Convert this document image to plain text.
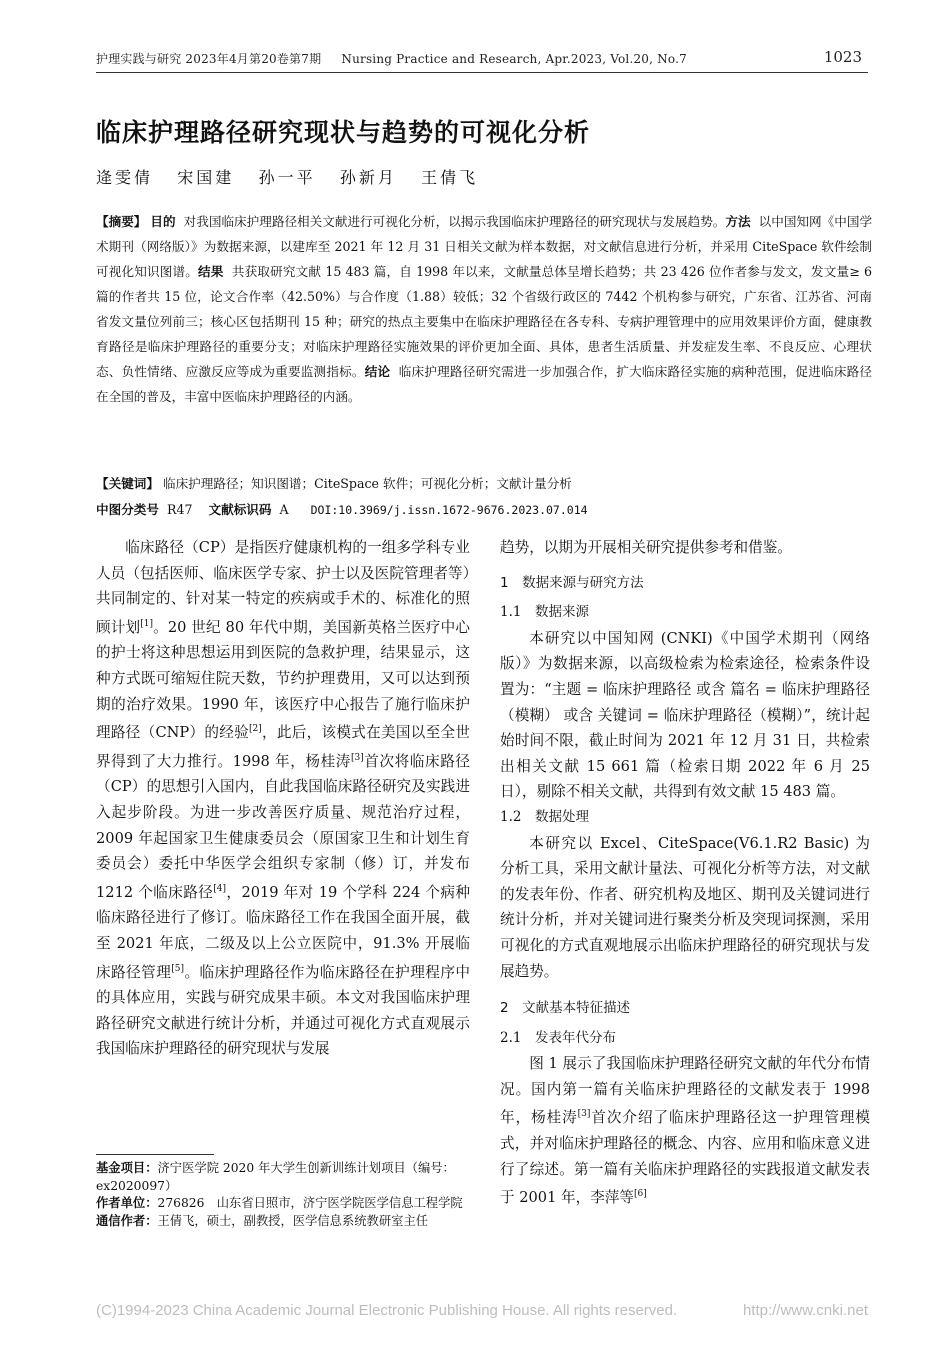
护理实践与研究 2023年4月第20卷第7期 Nursing Practice and Research, Apr.2023, Vol.20, No.7	1023
临床护理路径研究现状与趋势的可视化分析
逄雯倩 宋国建 孙一平 孙新月 王倩飞
【摘要】 目的 对我国临床护理路径相关文献进行可视化分析，以揭示我国临床护理路径的研究现状与发展趋势。方法 以中国知网《中国学术期刊（网络版）》为数据来源，以建库至 2021 年 12 月 31 日相关文献为样本数据，对文献信息进行分析，并采用 CiteSpace 软件绘制可视化知识图谱。结果 共获取研究文献 15 483 篇，自 1998 年以来，文献量总体呈增长趋势；共 23 426 位作者参与发文，发文量≥ 6 篇的作者共 15 位，论文合作率（42.50%）与合作度（1.88）较低；32 个省级行政区的 7442 个机构参与研究，广东省、江苏省、河南省发文量位列前三；核心区包括期刊 15 种；研究的热点主要集中在临床护理路径在各专科、专病护理管理中的应用效果评价方面，健康教育路径是临床护理路径的重要分支；对临床护理路径实施效果的评价更加全面、具体，患者生活质量、并发症发生率、不良反应、心理状态、负性情绪、应激反应等成为重要监测指标。结论 临床护理路径研究需进一步加强合作，扩大临床路径实施的病种范围，促进临床路径在全国的普及，丰富中医临床护理路径的内涵。
【关键词】 临床护理路径；知识图谱；CiteSpace 软件；可视化分析；文献计量分析
中图分类号 R47 文献标识码 A DOI:10.3969/j.issn.1672-9676.2023.07.014

临床路径（CP）是指医疗健康机构的一组多学科专业人员（包括医师、临床医学专家、护士以及医院管理者等）共同制定的、针对某一特定的疾病或手术的、标准化的照顾计划[1]。20 世纪 80 年代中期，美国新英格兰医疗中心的护士将这种思想运用到医院的急救护理，结果显示，这种方式既可缩短住院天数，节约护理费用，又可以达到预期的治疗效果。1990 年，该医疗中心报告了施行临床护理路径（CNP）的经验[2]，此后，该模式在美国以至全世界得到了大力推行。1998 年，杨桂涛[3]首次将临床路径（CP）的思想引入国内，自此我国临床路径研究及实践进入起步阶段。为进一步改善医疗质量、规范治疗过程，2009 年起国家卫生健康委员会（原国家卫生和计划生育委员会）委托中华医学会组织专家制（修）订，并发布 1212 个临床路径[4]，2019 年对 19 个学科 224 个病种临床路径进行了修订。临床路径工作在我国全面开展，截至 2021 年底，二级及以上公立医院中，91.3% 开展临床路径管理[5]。临床护理路径作为临床路径在护理程序中的具体应用，实践与研究成果丰硕。本文对我国临床护理路径研究文献进行统计分析，并通过可视化方式直观展示我国临床护理路径的研究现状与发展

趋势，以期为开展相关研究提供参考和借鉴。

1　数据来源与研究方法

1.1　数据来源

本研究以中国知网 (CNKI)《中国学术期刊（网络版）》为数据来源，以高级检索为检索途径，检索条件设置为：“主题 = 临床护理路径 或含 篇名 = 临床护理路径（模糊） 或含 关键词 = 临床护理路径（模糊）”，统计起始时间不限，截止时间为 2021 年 12 月 31 日，共检索出相关文献 15 661 篇（检索日期 2022 年 6 月 25 日），剔除不相关文献，共得到有效文献 15 483 篇。

1.2　数据处理

本研究以 Excel、CiteSpace(V6.1.R2 Basic) 为分析工具，采用文献计量法、可视化分析等方法，对文献的发表年份、作者、研究机构及地区、期刊及关键词进行统计分析，并对关键词进行聚类分析及突现词探测，采用可视化的方式直观地展示出临床护理路径的研究现状与发展趋势。

2　文献基本特征描述

2.1　发表年代分布

图 1 展示了我国临床护理路径研究文献的年代分布情况。国内第一篇有关临床护理路径的文献发表于 1998 年，杨桂涛[3]首次介绍了临床护理路径这一护理管理模式，并对临床护理路径的概念、内容、应用和临床意义进行了综述。第一篇有关临床护理路径的实践报道文献发表于 2001 年，李萍等[6]

基金项目：济宁医学院 2020 年大学生创新训练计划项目（编号：ex2020097）

作者单位：276826　山东省日照市，济宁医学院医学信息工程学院

通信作者：王倩飞，硕士，副教授，医学信息系统教研室主任

(C)1994-2023 China Academic Journal Electronic Publishing House. All rights reserved.	http://www.cnki.net
